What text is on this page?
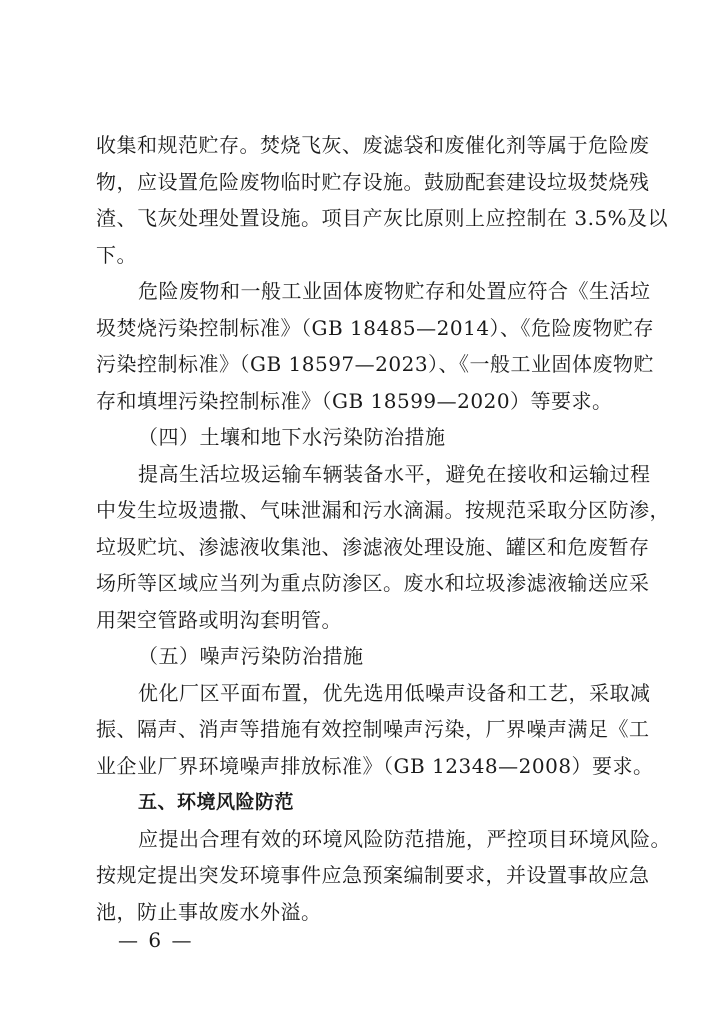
收集和规范贮存。焚烧飞灰、废滤袋和废催化剂等属于危险废
物，应设置危险废物临时贮存设施。鼓励配套建设垃圾焚烧残
渣、飞灰处理处置设施。项目产灰比原则上应控制在 3.5%及以
下。
危险废物和一般工业固体废物贮存和处置应符合《生活垃
圾焚烧污染控制标准》（GB 18485—2014）、《危险废物贮存
污染控制标准》（GB 18597—2023）、《一般工业固体废物贮
存和填埋污染控制标准》（GB 18599—2020）等要求。
（四）土壤和地下水污染防治措施
提高生活垃圾运输车辆装备水平，避免在接收和运输过程
中发生垃圾遗撒、气味泄漏和污水滴漏。按规范采取分区防渗，
垃圾贮坑、渗滤液收集池、渗滤液处理设施、罐区和危废暂存
场所等区域应当列为重点防渗区。废水和垃圾渗滤液输送应采
用架空管路或明沟套明管。
（五）噪声污染防治措施
优化厂区平面布置，优先选用低噪声设备和工艺，采取减
振、隔声、消声等措施有效控制噪声污染，厂界噪声满足《工
业企业厂界环境噪声排放标准》（GB 12348—2008）要求。
五、环境风险防范
应提出合理有效的环境风险防范措施，严控项目环境风险。
按规定提出突发环境事件应急预案编制要求，并设置事故应急
池，防止事故废水外溢。
— 6 —
